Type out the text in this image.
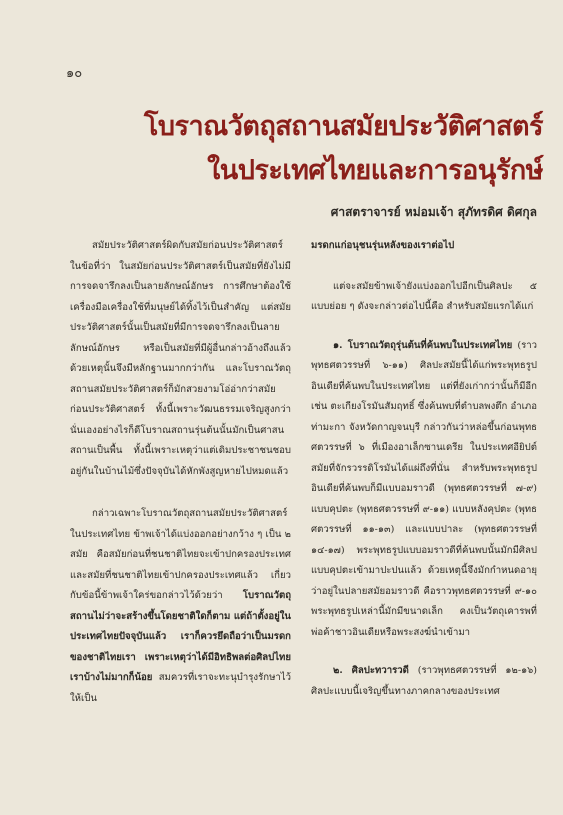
๑๐
โบราณวัตถุสถานสมัยประวัติศาสตร์
ในประเทศไทยและการอนุรักษ์
ศาสตราจารย์ หม่อมเจ้า สุภัทรดิศ ดิศกุล

สมัยประวัติศาสตร์ผิดกับสมัยก่อนประวัติศาสตร์ในข้อที่ว่า ในสมัยก่อนประวัติศาสตร์เป็นสมัยที่ยังไม่มีการจดจารึกลงเป็นลายลักษณ์อักษร การศึกษาต้องใช้เครื่องมือเครื่องใช้ที่มนุษย์ได้ทิ้งไว้เป็นสำคัญ แต่สมัยประวัติศาสตร์นั้นเป็นสมัยที่มีการจดจารึกลงเป็นลายลักษณ์อักษร หรือเป็นสมัยที่มีผู้อื่นกล่าวอ้างถึงแล้ว ด้วยเหตุนั้นจึงมีหลักฐานมากกว่ากัน และโบราณวัตถุสถานสมัยประวัติศาสตร์ก็มักสวยงามโอ่อ่ากว่าสมัยก่อนประวัติศาสตร์ ทั้งนี้เพราะวัฒนธรรมเจริญสูงกว่านั่นเองอย่างไรก็ดีโบราณสถานรุ่นต้นนั้นมักเป็นศาสนสถานเป็นพื้น ทั้งนี้เพราะเหตุว่าแต่เดิมประชาชนชอบอยู่กันในบ้านไม้ซึ่งปัจจุบันได้หักพังสูญหายไปหมดแล้ว

กล่าวเฉพาะโบราณวัตถุสถานสมัยประวัติศาสตร์ในประเทศไทย ข้าพเจ้าได้แบ่งออกอย่างกว้าง ๆ เป็น ๒ สมัย คือสมัยก่อนที่ชนชาติไทยจะเข้าปกครองประเทศ และสมัยที่ชนชาติไทยเข้าปกครองประเทศแล้ว เกี่ยวกับข้อนี้ข้าพเจ้าใคร่ขอกล่าวไว้ด้วยว่า โบราณวัตถุสถานไม่ว่าจะสร้างขึ้นโดยชาติใดก็ตาม แต่ถ้าตั้งอยู่ในประเทศไทยปัจจุบันแล้ว เราก็ควรยึดถือว่าเป็นมรดกของชาติไทยเรา เพราะเหตุว่าได้มีอิทธิพลต่อศิลปไทยเราบ้างไม่มากก็น้อย สมควรที่เราจะทะนุบำรุงรักษาไว้ให้เป็น

มรดกแก่อนุชนรุ่นหลังของเราต่อไป

แต่จะสมัยข้าพเจ้ายังแบ่งออกไปอีกเป็นศิลปะ ๕ แบบย่อย ๆ ดังจะกล่าวต่อไปนี้คือ สำหรับสมัยแรกได้แก่

๑. โบราณวัตถุรุ่นต้นที่ค้นพบในประเทศไทย (ราวพุทธศตวรรษที่ ๖-๑๑) ศิลปะสมัยนี้ได้แก่พระพุทธรูปอินเดียที่ค้นพบในประเทศไทย แต่ที่ยังเก่ากว่านั้นก็มีอีก เช่น ตะเกียงโรมันสัมฤทธิ์ ซึ่งค้นพบที่ตำบลพงตึก อำเภอท่ามะกา จังหวัดกาญจนบุรี กล่าวกันว่าหล่อขึ้นก่อนพุทธศตวรรษที่ ๖ ที่เมืองอาเล็กซานเดรีย ในประเทศอียิปต์ สมัยที่จักรวรรดิโรมันได้แผ่ถึงที่นั่น สำหรับพระพุทธรูปอินเดียที่ค้นพบก็มีแบบอมราวดี (พุทธศตวรรษที่ ๗-๙) แบบคุปตะ (พุทธศตวรรษที่ ๙-๑๑) แบบหลังคุปตะ (พุทธศตวรรษที่ ๑๑-๑๓) และแบบปาละ (พุทธศตวรรษที่ ๑๔-๑๗) พระพุทธรูปแบบอมราวดีที่ค้นพบนั้นมักมีศิลปแบบคุปตะเข้ามาปะปนแล้ว ด้วยเหตุนี้จึงมักกำหนดอายุว่าอยู่ในปลายสมัยอมราวดี คือราวพุทธศตวรรษที่ ๙-๑๐ พระพุทธรูปเหล่านี้มักมีขนาดเล็ก คงเป็นวัตถุเคารพที่พ่อค้าชาวอินเดียหรือพระสงฆ์นำเข้ามา

๒. ศิลปะทวารวดี (ราวพุทธศตวรรษที่ ๑๒-๑๖) ศิลปะแบบนี้เจริญขึ้นทางภาคกลางของประเทศ
